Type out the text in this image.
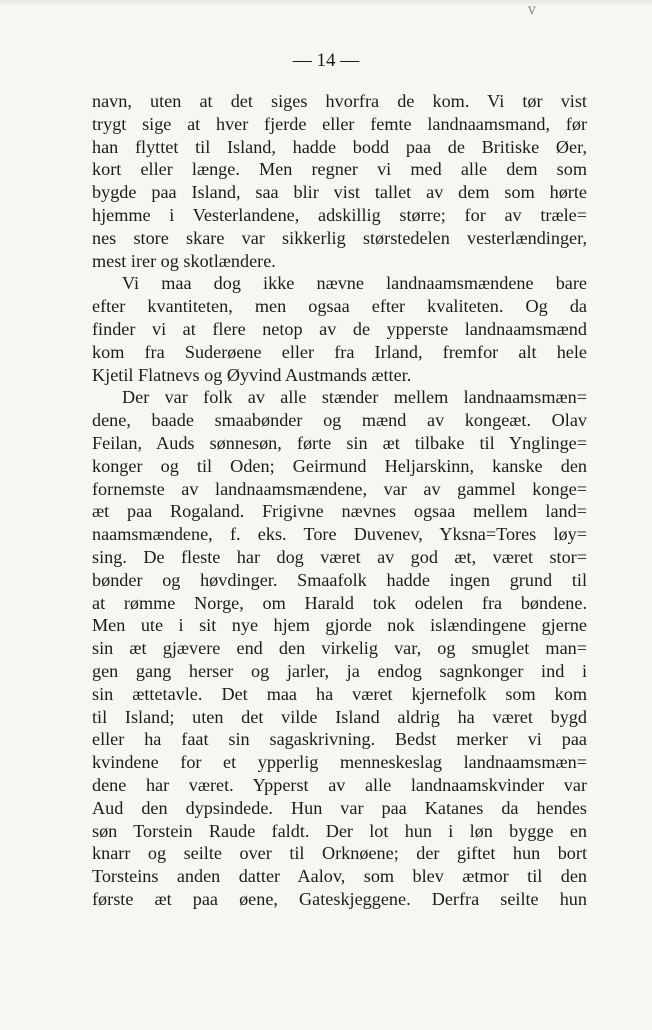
v
— 14 —
navn, uten at det siges hvorfra de kom. Vi tør vist
trygt sige at hver fjerde eller femte landnaamsmand, før
han flyttet til Island, hadde bodd paa de Britiske Øer,
kort eller længe. Men regner vi med alle dem som
bygde paa Island, saa blir vist tallet av dem som hørte
hjemme i Vesterlandene, adskillig større; for av træle=
nes store skare var sikkerlig størstedelen vesterlændinger,
mest irer og skotlændere.
Vi maa dog ikke nævne landnaamsmændene bare
efter kvantiteten, men ogsaa efter kvaliteten. Og da
finder vi at flere netop av de ypperste landnaamsmænd
kom fra Suderøene eller fra Irland, fremfor alt hele
Kjetil Flatnevs og Øyvind Austmands ætter.
Der var folk av alle stænder mellem landnaamsmæn=
dene, baade smaabønder og mænd av kongeæt. Olav
Feilan, Auds sønnesøn, førte sin æt tilbake til Ynglinge=
konger og til Oden; Geirmund Heljarskinn, kanske den
fornemste av landnaamsmændene, var av gammel konge=
æt paa Rogaland. Frigivne nævnes ogsaa mellem land=
naamsmændene, f. eks. Tore Duvenev, Yksna=Tores løy=
sing. De fleste har dog været av god æt, været stor=
bønder og høvdinger. Smaafolk hadde ingen grund til
at rømme Norge, om Harald tok odelen fra bøndene.
Men ute i sit nye hjem gjorde nok islændingene gjerne
sin æt gjævere end den virkelig var, og smuglet man=
gen gang herser og jarler, ja endog sagnkonger ind i
sin ættetavle. Det maa ha været kjernefolk som kom
til Island; uten det vilde Island aldrig ha været bygd
eller ha faat sin sagaskrivning. Bedst merker vi paa
kvindene for et ypperlig menneskeslag landnaamsmæn=
dene har været. Ypperst av alle landnaamskvinder var
Aud den dypsindede. Hun var paa Katanes da hendes
søn Torstein Raude faldt. Der lot hun i løn bygge en
knarr og seilte over til Orknøene; der giftet hun bort
Torsteins anden datter Aalov, som blev ætmor til den
første æt paa øene, Gateskjeggene. Derfra seilte hun
